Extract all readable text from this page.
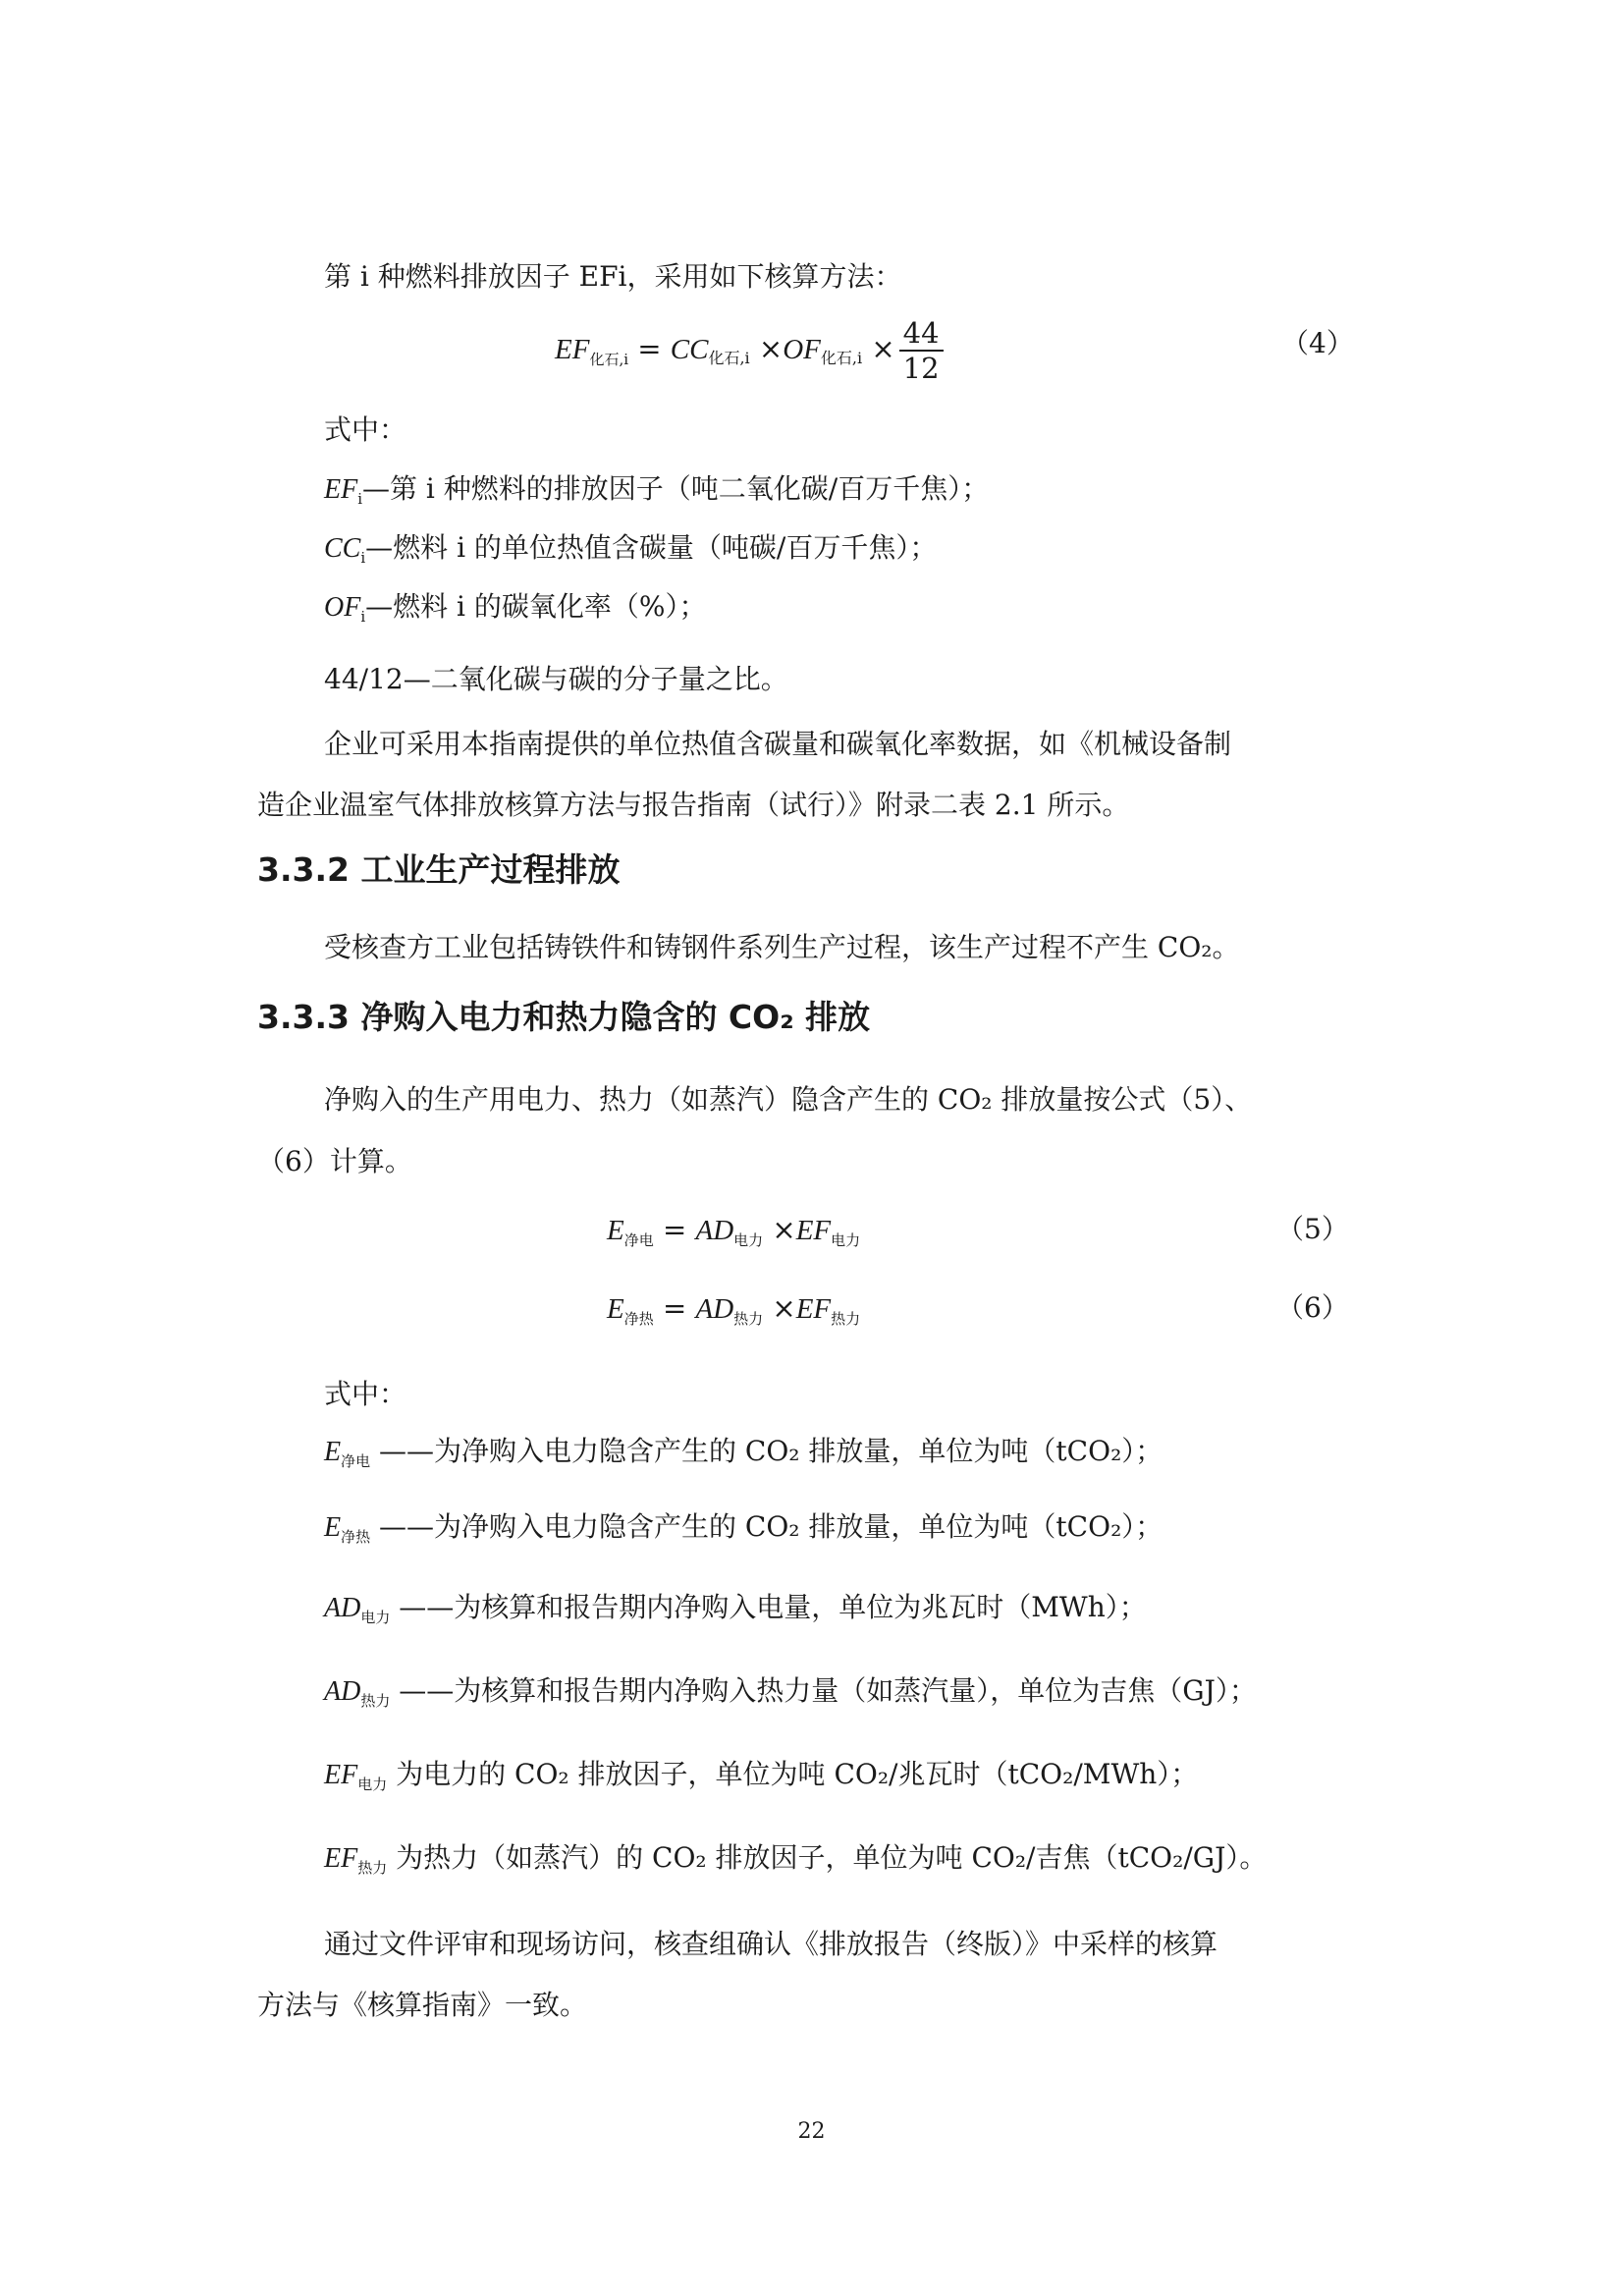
第 i 种燃料排放因子 EFi，采用如下核算方法：
$EF_{化石,i} = CC_{化石,i} \times OF_{化石,i} \times \frac{44}{12}$	（4）
式中：
$EF_i—$第 i 种燃料的排放因子（吨二氧化碳/百万千焦）；
$CC_i—$燃料 i 的单位热值含碳量（吨碳/百万千焦）；
$OF_i—$燃料 i 的碳氧化率（%）；
44/12—二氧化碳与碳的分子量之比。
企业可采用本指南提供的单位热值含碳量和碳氧化率数据，如《机械设备制
造企业温室气体排放核算方法与报告指南（试行）》附录二表 2.1 所示。
3.3.2 工业生产过程排放
受核查方工业包括铸铁件和铸钢件系列生产过程，该生产过程不产生 CO₂。
3.3.3 净购入电力和热力隐含的 CO₂ 排放
净购入的生产用电力、热力（如蒸汽）隐含产生的 CO₂ 排放量按公式（5）、
（6）计算。
$E_{净电} = AD_{电力} \times EF_{电力}$	（5）
$E_{净热} = AD_{热力} \times EF_{热力}$	（6）
式中：
$E_{净电}$ ——为净购入电力隐含产生的 CO₂ 排放量，单位为吨（tCO₂）；
$E_{净热}$ ——为净购入电力隐含产生的 CO₂ 排放量，单位为吨（tCO₂）；
$AD_{电力}$ ——为核算和报告期内净购入电量，单位为兆瓦时（MWh）；
$AD_{热力}$ ——为核算和报告期内净购入热力量（如蒸汽量），单位为吉焦（GJ）；
$EF_{电力}$ 为电力的 CO₂ 排放因子，单位为吨 CO₂/兆瓦时（tCO₂/MWh）；
$EF_{热力}$ 为热力（如蒸汽）的 CO₂ 排放因子，单位为吨 CO₂/吉焦（tCO₂/GJ）。
通过文件评审和现场访问，核查组确认《排放报告（终版）》中采样的核算
方法与《核算指南》一致。
22
